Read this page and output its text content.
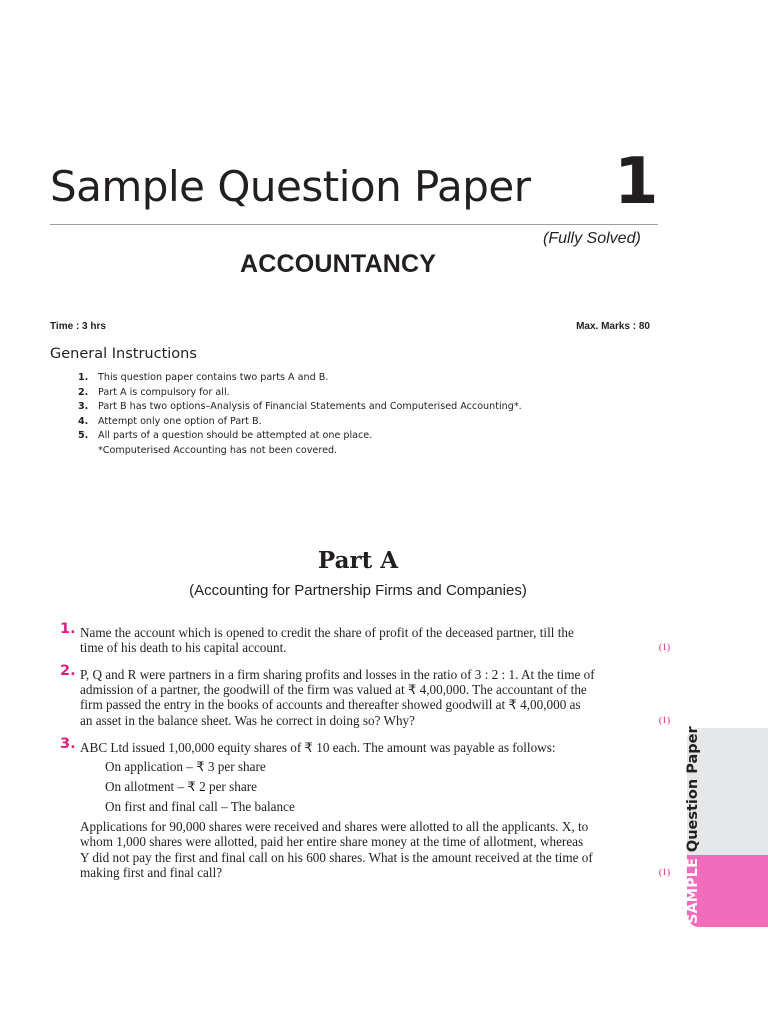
Sample Question Paper 1
(Fully Solved)
ACCOUNTANCY
Time : 3 hrs	Max. Marks : 80
General Instructions
1. This question paper contains two parts A and B.
2. Part A is compulsory for all.
3. Part B has two options–Analysis of Financial Statements and Computerised Accounting*.
4. Attempt only one option of Part B.
5. All parts of a question should be attempted at one place.
*Computerised Accounting has not been covered.
Part A
(Accounting for Partnership Firms and Companies)
1. Name the account which is opened to credit the share of profit of the deceased partner, till the
(1)
time of his death to his capital account.
2. P, Q and R were partners in a firm sharing profits and losses in the ratio of 3 : 2 : 1. At the time of
admission of a partner, the goodwill of the firm was valued at ₹ 4,00,000. The accountant of the
firm passed the entry in the books of accounts and thereafter showed goodwill at ₹ 4,00,000 as
(1)
an asset in the balance sheet. Was he correct in doing so? Why?
3. ABC Ltd issued 1,00,000 equity shares of ₹ 10 each. The amount was payable as follows:
On application – ₹ 3 per share
On allotment – ₹ 2 per share
On first and final call – The balance
Applications for 90,000 shares were received and shares were allotted to all the applicants. X, to
whom 1,000 shares were allotted, paid her entire share money at the time of allotment, whereas
Y did not pay the first and final call on his 600 shares. What is the amount received at the time of
(1)
making first and final call?	SAMPLEQuestion Paper
